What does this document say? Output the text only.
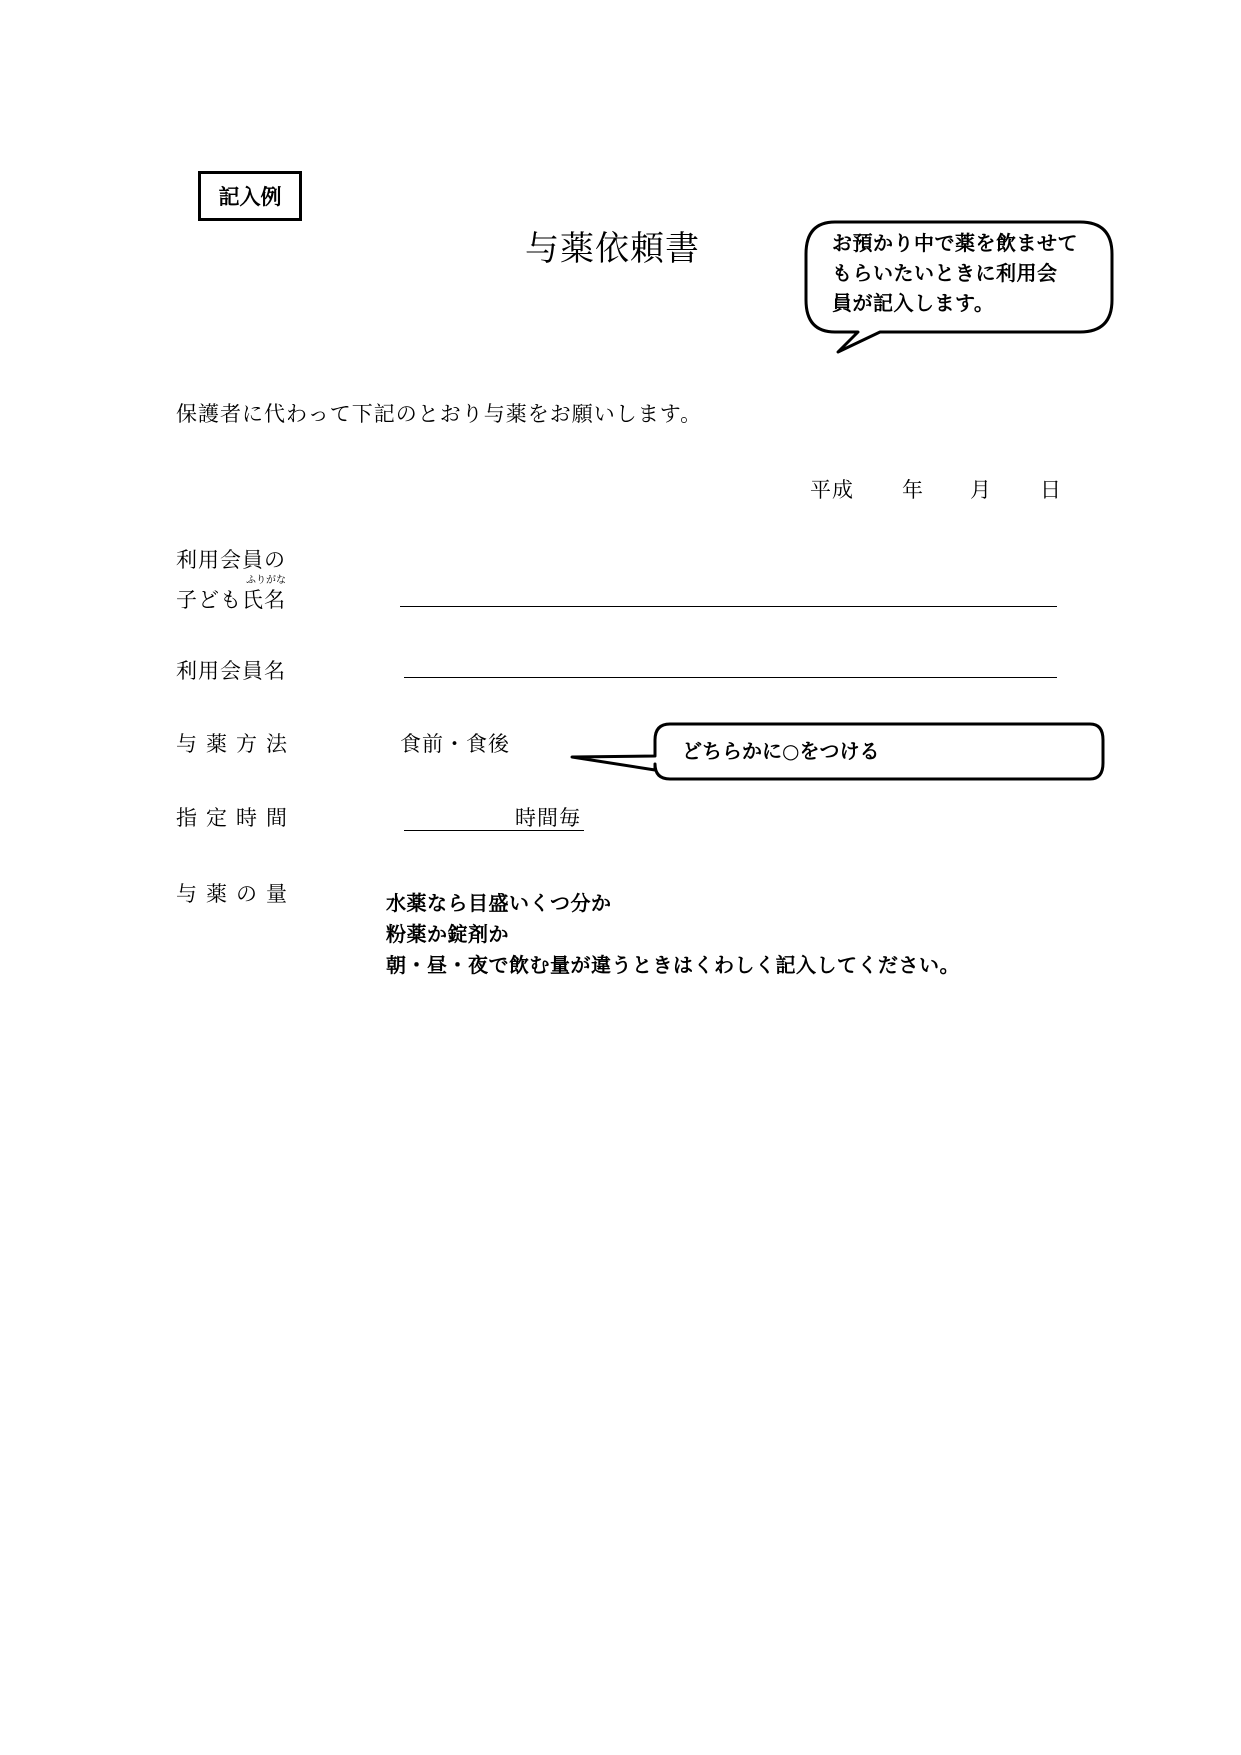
記入例
与薬依頼書	お預かり中で薬を飲ませて
もらいたいときに利用会
員が記入します。
どちらかに○をつける
保護者に代わって下記のとおり与薬をお願いします。
平成 年 月 日
利用会員の
子ども氏名
ふりがな
利用会員名
与薬方法	食前・食後
指定時間	時間毎
与薬の量	水薬なら目盛いくつ分か
粉薬か錠剤か
朝・昼・夜で飲む量が違うときはくわしく記入してください。
